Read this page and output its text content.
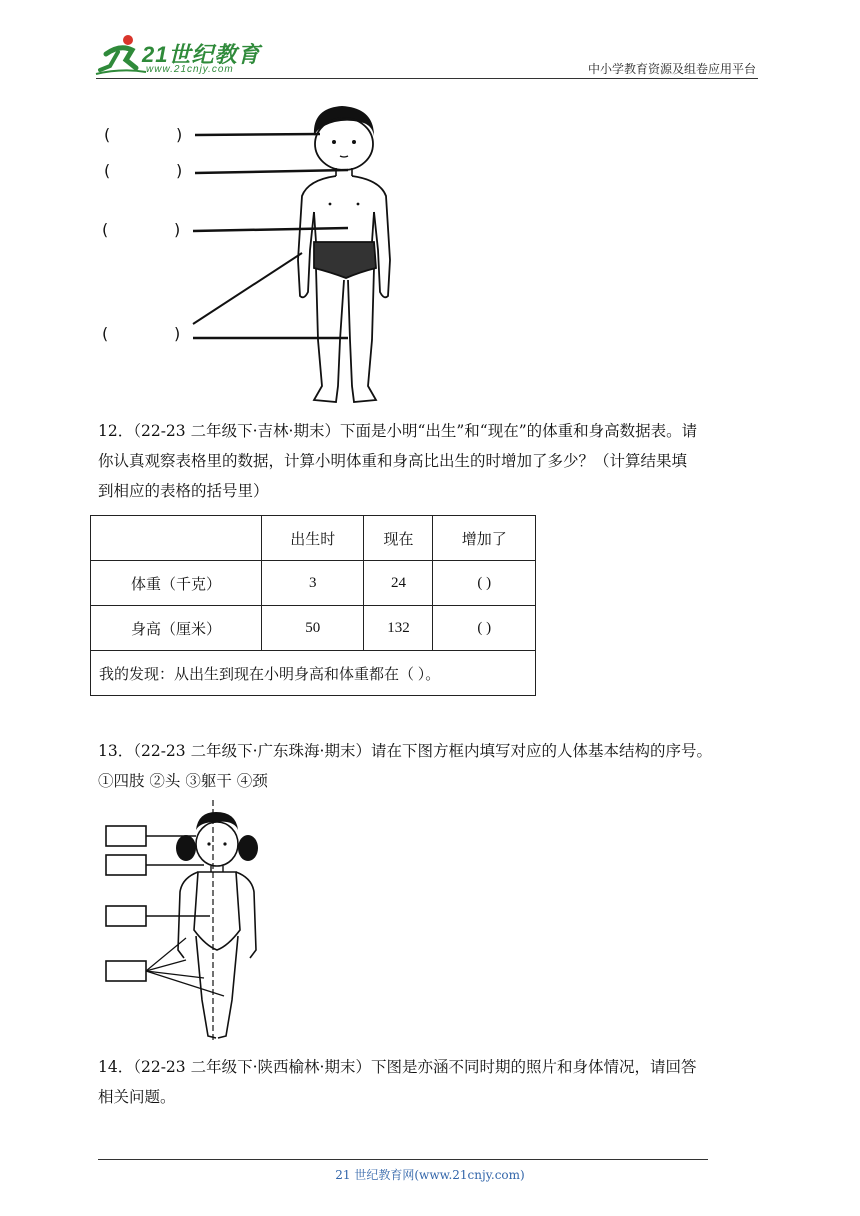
21世纪教育
www.21cnjy.com	中小学教育资源及组卷应用平台
(	)
(	)
(	)
(	)
12．（22-23 二年级下·吉林·期末）下面是小明“出生”和“现在”的体重和身高数据表。请
你认真观察表格里的数据，计算小明体重和身高比出生的时增加了多少？（计算结果填
到相应的表格的括号里）
	出生时	现在	增加了
体重（千克）	3	24	( )
身高（厘米）	50	132	( )
我的发现：从出生到现在小明身高和体重都在（ ）。			
13．（22-23 二年级下·广东珠海·期末）请在下图方框内填写对应的人体基本结构的序号。
①四肢 ②头 ③躯干 ④颈
14．（22-23 二年级下·陕西榆林·期末）下图是亦涵不同时期的照片和身体情况，请回答
相关问题。
21 世纪教育网(www.21cnjy.com)
